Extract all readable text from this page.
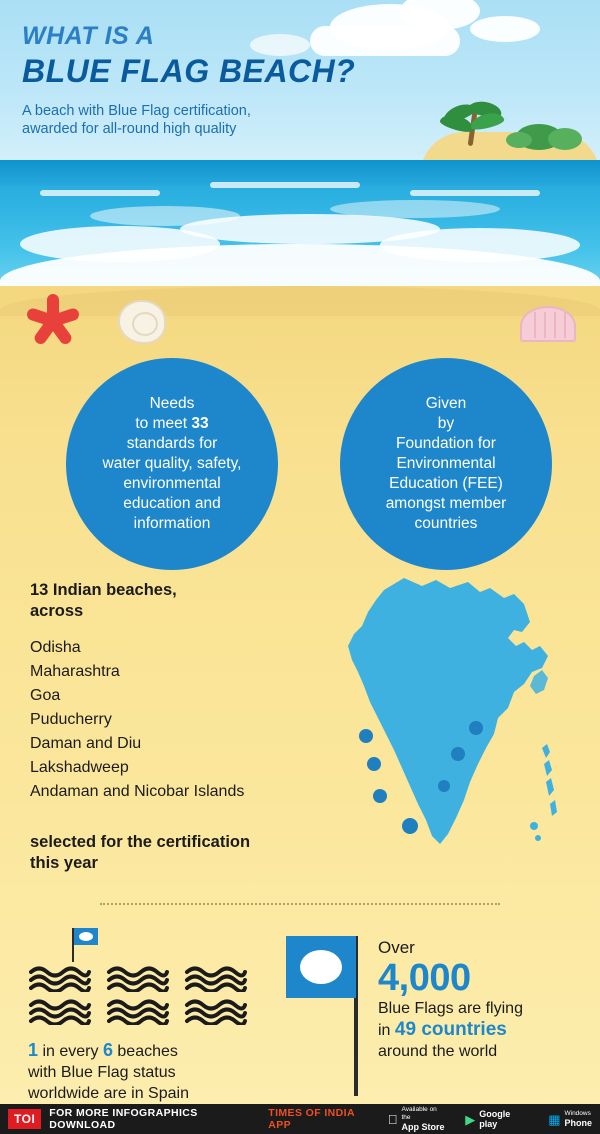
WHAT IS A
BLUE FLAG BEACH?
A beach with Blue Flag certification,
awarded for all-round high quality
Needs
to meet 33
standards for
water quality, safety,
environmental
education and
information
Given
by
Foundation for
Environmental
Education (FEE)
amongst member
countries
13 Indian beaches,
across
Odisha
Maharashtra
Goa
Puducherry
Daman and Diu
Lakshadweep
Andaman and Nicobar Islands
selected for the certification
this year
1 in every 6 beaches
with Blue Flag status
worldwide are in Spain
Over
4,000
Blue Flags are flying
in 49 countries
around the world
TOI	FOR MORE INFOGRAPHICS DOWNLOAD
TIMES OF INDIA APP
Available on the
App Store ▶ Google play	▦ Windows
Phone
